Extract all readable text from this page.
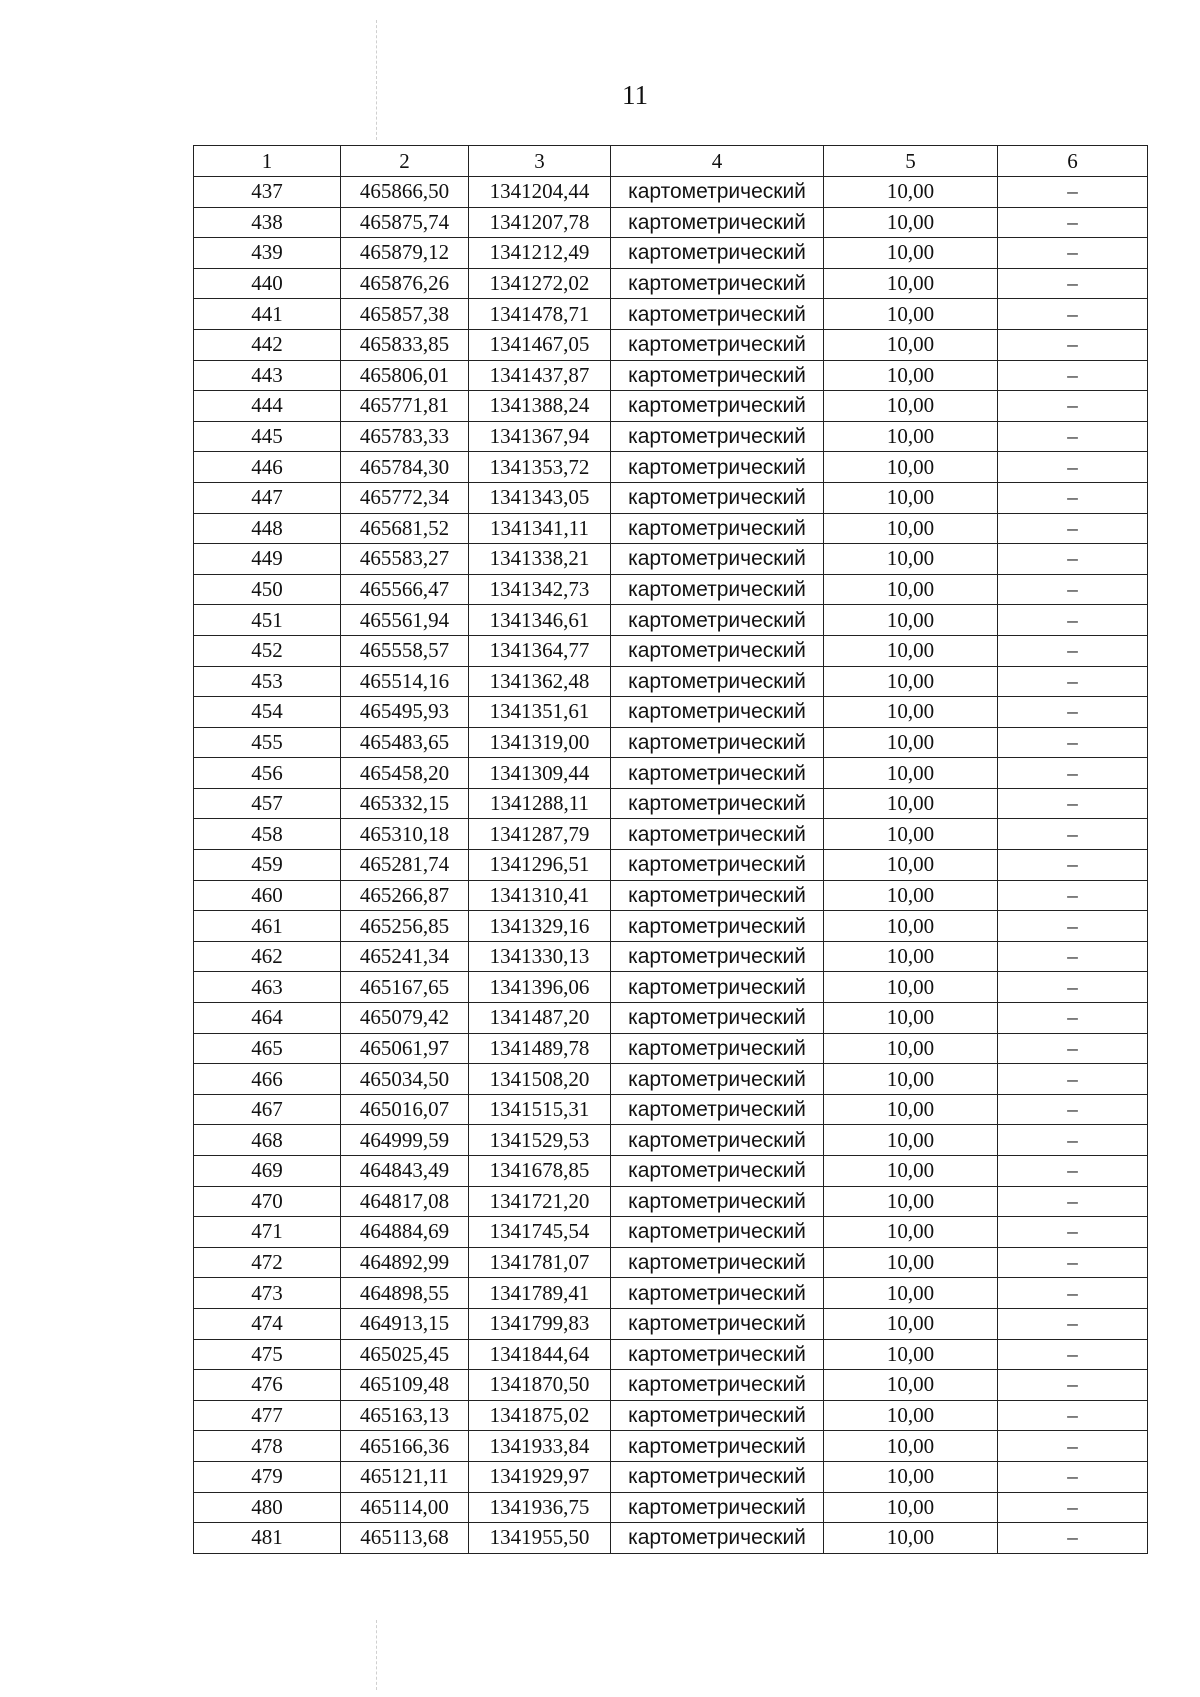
11
1	2	3	4	5	6
437	465866,50	1341204,44	картометрический	10,00	–
438	465875,74	1341207,78	картометрический	10,00	–
439	465879,12	1341212,49	картометрический	10,00	–
440	465876,26	1341272,02	картометрический	10,00	–
441	465857,38	1341478,71	картометрический	10,00	–
442	465833,85	1341467,05	картометрический	10,00	–
443	465806,01	1341437,87	картометрический	10,00	–
444	465771,81	1341388,24	картометрический	10,00	–
445	465783,33	1341367,94	картометрический	10,00	–
446	465784,30	1341353,72	картометрический	10,00	–
447	465772,34	1341343,05	картометрический	10,00	–
448	465681,52	1341341,11	картометрический	10,00	–
449	465583,27	1341338,21	картометрический	10,00	–
450	465566,47	1341342,73	картометрический	10,00	–
451	465561,94	1341346,61	картометрический	10,00	–
452	465558,57	1341364,77	картометрический	10,00	–
453	465514,16	1341362,48	картометрический	10,00	–
454	465495,93	1341351,61	картометрический	10,00	–
455	465483,65	1341319,00	картометрический	10,00	–
456	465458,20	1341309,44	картометрический	10,00	–
457	465332,15	1341288,11	картометрический	10,00	–
458	465310,18	1341287,79	картометрический	10,00	–
459	465281,74	1341296,51	картометрический	10,00	–
460	465266,87	1341310,41	картометрический	10,00	–
461	465256,85	1341329,16	картометрический	10,00	–
462	465241,34	1341330,13	картометрический	10,00	–
463	465167,65	1341396,06	картометрический	10,00	–
464	465079,42	1341487,20	картометрический	10,00	–
465	465061,97	1341489,78	картометрический	10,00	–
466	465034,50	1341508,20	картометрический	10,00	–
467	465016,07	1341515,31	картометрический	10,00	–
468	464999,59	1341529,53	картометрический	10,00	–
469	464843,49	1341678,85	картометрический	10,00	–
470	464817,08	1341721,20	картометрический	10,00	–
471	464884,69	1341745,54	картометрический	10,00	–
472	464892,99	1341781,07	картометрический	10,00	–
473	464898,55	1341789,41	картометрический	10,00	–
474	464913,15	1341799,83	картометрический	10,00	–
475	465025,45	1341844,64	картометрический	10,00	–
476	465109,48	1341870,50	картометрический	10,00	–
477	465163,13	1341875,02	картометрический	10,00	–
478	465166,36	1341933,84	картометрический	10,00	–
479	465121,11	1341929,97	картометрический	10,00	–
480	465114,00	1341936,75	картометрический	10,00	–
481	465113,68	1341955,50	картометрический	10,00	–
